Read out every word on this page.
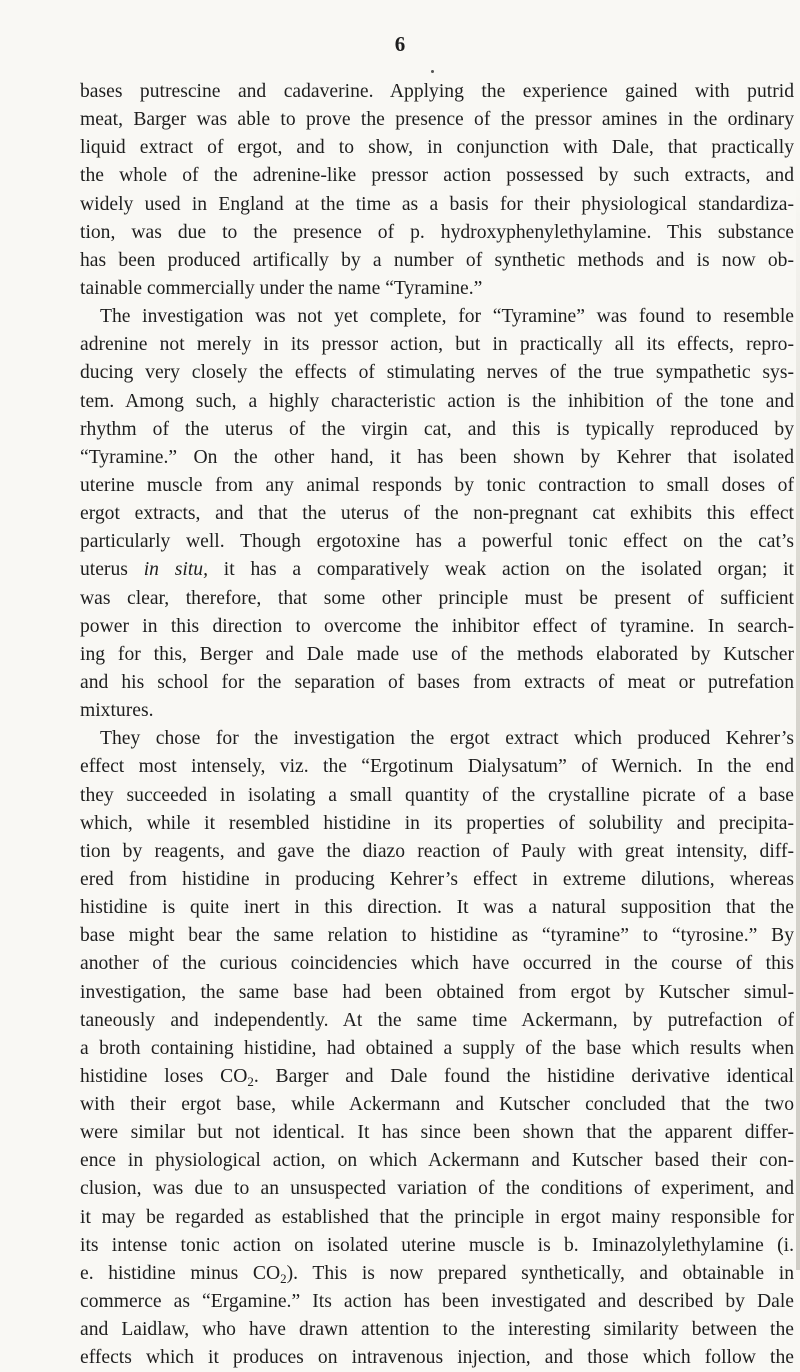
6
bases putrescine and cadaverine. Applying the experience gained with putrid
meat, Barger was able to prove the presence of the pressor amines in the ordinary
liquid extract of ergot, and to show, in conjunction with Dale, that practically
the whole of the adrenine-like pressor action possessed by such extracts, and
widely used in England at the time as a basis for their physiological standardiza-
tion, was due to the presence of p. hydroxyphenylethylamine. This substance
has been produced artifically by a number of synthetic methods and is now ob-
tainable commercially under the name “Tyramine.”
The investigation was not yet complete, for “Tyramine” was found to resemble
adrenine not merely in its pressor action, but in practically all its effects, repro-
ducing very closely the effects of stimulating nerves of the true sympathetic sys-
tem. Among such, a highly characteristic action is the inhibition of the tone and
rhythm of the uterus of the virgin cat, and this is typically reproduced by
“Tyramine.” On the other hand, it has been shown by Kehrer that isolated
uterine muscle from any animal responds by tonic contraction to small doses of
ergot extracts, and that the uterus of the non-pregnant cat exhibits this effect
particularly well. Though ergotoxine has a powerful tonic effect on the cat’s
uterus in situ, it has a comparatively weak action on the isolated organ; it
was clear, therefore, that some other principle must be present of sufficient
power in this direction to overcome the inhibitor effect of tyramine. In search-
ing for this, Berger and Dale made use of the methods elaborated by Kutscher
and his school for the separation of bases from extracts of meat or putrefation
mixtures.
They chose for the investigation the ergot extract which produced Kehrer’s
effect most intensely, viz. the “Ergotinum Dialysatum” of Wernich. In the end
they succeeded in isolating a small quantity of the crystalline picrate of a base
which, while it resembled histidine in its properties of solubility and precipita-
tion by reagents, and gave the diazo reaction of Pauly with great intensity, diff-
ered from histidine in producing Kehrer’s effect in extreme dilutions, whereas
histidine is quite inert in this direction. It was a natural supposition that the
base might bear the same relation to histidine as “tyramine” to “tyrosine.” By
another of the curious coincidencies which have occurred in the course of this
investigation, the same base had been obtained from ergot by Kutscher simul-
taneously and independently. At the same time Ackermann, by putrefaction of
a broth containing histidine, had obtained a supply of the base which results when
histidine loses $CO_2$. Barger and Dale found the histidine derivative identical
with their ergot base, while Ackermann and Kutscher concluded that the two
were similar but not identical. It has since been shown that the apparent differ-
ence in physiological action, on which Ackermann and Kutscher based their con-
clusion, was due to an unsuspected variation of the conditions of experiment, and
it may be regarded as established that the principle in ergot mainy responsible for
its intense tonic action on isolated uterine muscle is b. Iminazolylethylamine (i.
e. histidine minus $CO_2$). This is now prepared synthetically, and obtainable in
commerce as “Ergamine.” Its action has been investigated and described by Dale
and Laidlaw, who have drawn attention to the interesting similarity between the
effects which it produces on intravenous injection, and those which follow the
